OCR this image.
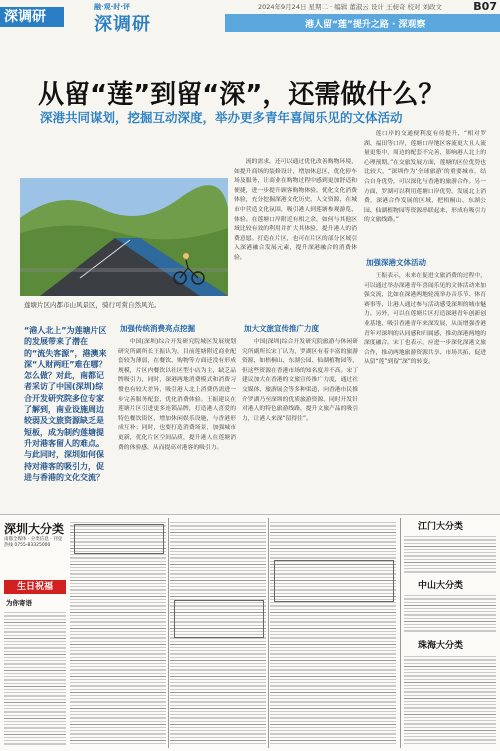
深调研
融·观·时·评
深调研
2024年9月24日 星期二 · 编辑 董淑云 设计 王昶奇 校对 刘政文	B07
港人留“莲”提升之路 · 深观察
从留“莲”到留“深”，还需做什么？
深港共同谋划，挖掘互动深度，举办更多青年喜闻乐见的文体活动
莲塘片区内都市山风景区，骑行可赏自然风光。

流的需求，还可以通过优化改善购物环境，如提升商场的装修设计，增加休息区，优化停车场及服务，让商业在购物过程中感到更加舒适和便捷，进一步提升顾客购物体验。优化文化消费体验，充分挖掘深港文化历史、人文资源，在城市中营造文化氛围，吸引港人到莲塘参观游览、体验。在莲塘口岸附近有相之余，如何与其他区域比较有效的利用并扩大其体验，提升港人的消费意愿。打造在片区，也可在片区的部分区域引入深港融合发展元素，提升深港融合的消费体验。

莲口岸的交通便利度有待提升，“相对罗湖、福田等口岸，莲塘口岸地区客流更大且人流量更集中，周边的配套不完善，影响港人北上的心理预期。”在交旅发展方面，莲塘的区位优势也比较大，“深圳作为‘全球旅游’的重要城市，结合自身优势，可以深化与香港的旅游合作。另一方面，罗湖可以利用莲塘口岸优势，发展北上消费，深港合作发展的区域，把梧桐山、东湖公园、仙湖植物园等资源串联起来，形成有吸引力的文旅线路。”

加强深港文体活动

王振表示，未来在促进文旅消费的过程中，可以通过举办深港青年喜闻乐见的文体活动来加强交流，比如在深港两地轮流举办音乐节、体育赛事等，让港人通过参与活动感受深圳的城市魅力。另外，可以在莲塘片区打造深港青年创新创业基地，吸引香港青年来深发展，从而增强香港青年对深圳的认同感和归属感，推动深港两地的深度融合。宋丁也表示，应进一步深化深港文旅合作，推动两地旅游资源共享、市场共拓，促进从留“莲”到留“深”的转变。

“港人北上”为莲塘片区的发展带来了潜在的“流失客源”，港澳来深“人财两旺”难在哪？怎么做？对此，南都记者采访了中国(深圳)综合开发研究院多位专家了解到，南业设施周边较弱及文旅资源缺乏是短板，成为制约莲塘提升对港客留人的难点。与此同时，深圳如何保持对港客的吸引力，促进与香港的文化交流？
加强传统消费亮点挖掘

中国(深圳)综合开发研究院城区发展规划研究所副所长王振认为，目前莲塘附近商业配套较为薄弱，在餐饮、购物等方面还没有形成规模，片区内餐饮以社区型小店为主，缺乏品牌吸引力，同时，深港两地消费模式和消费习惯也有较大差异，吸引港人北上消费仍需进一步完善服务配套，优化消费体验。王振建议在莲塘片区引进更多连锁品牌，打造港人喜爱的特色餐饮街区，增加休闲娱乐设施，与香港形成互补；同时，也要打造消费场景，加强城市更新，优化片区空间品质，提升港人在莲塘消费的体验感，从而提高对港客的吸引力。

加大文旅宣传推广力度

中国(深圳)综合开发研究院旅游与休闲研究所副所长宋丁认为，罗湖区有着丰富的旅游资源，如梧桐山、东湖公园、仙湖植物园等，但这些资源在香港市场的知名度并不高。宋丁建议加大在香港的文旅宣传推广力度，通过社交媒体、旅游展会等多种渠道，向香港市民推介罗湖乃至深圳的优质旅游资源，同时开发针对港人的特色旅游线路，提升文旅产品的吸引力，让港人来深“留得住”。

深圳大分类
南都全媒体 · 分类信息 · 刊登热线 0755-83325000
生日祝福
为你寄语
江门大分类
中山大分类
珠海大分类
